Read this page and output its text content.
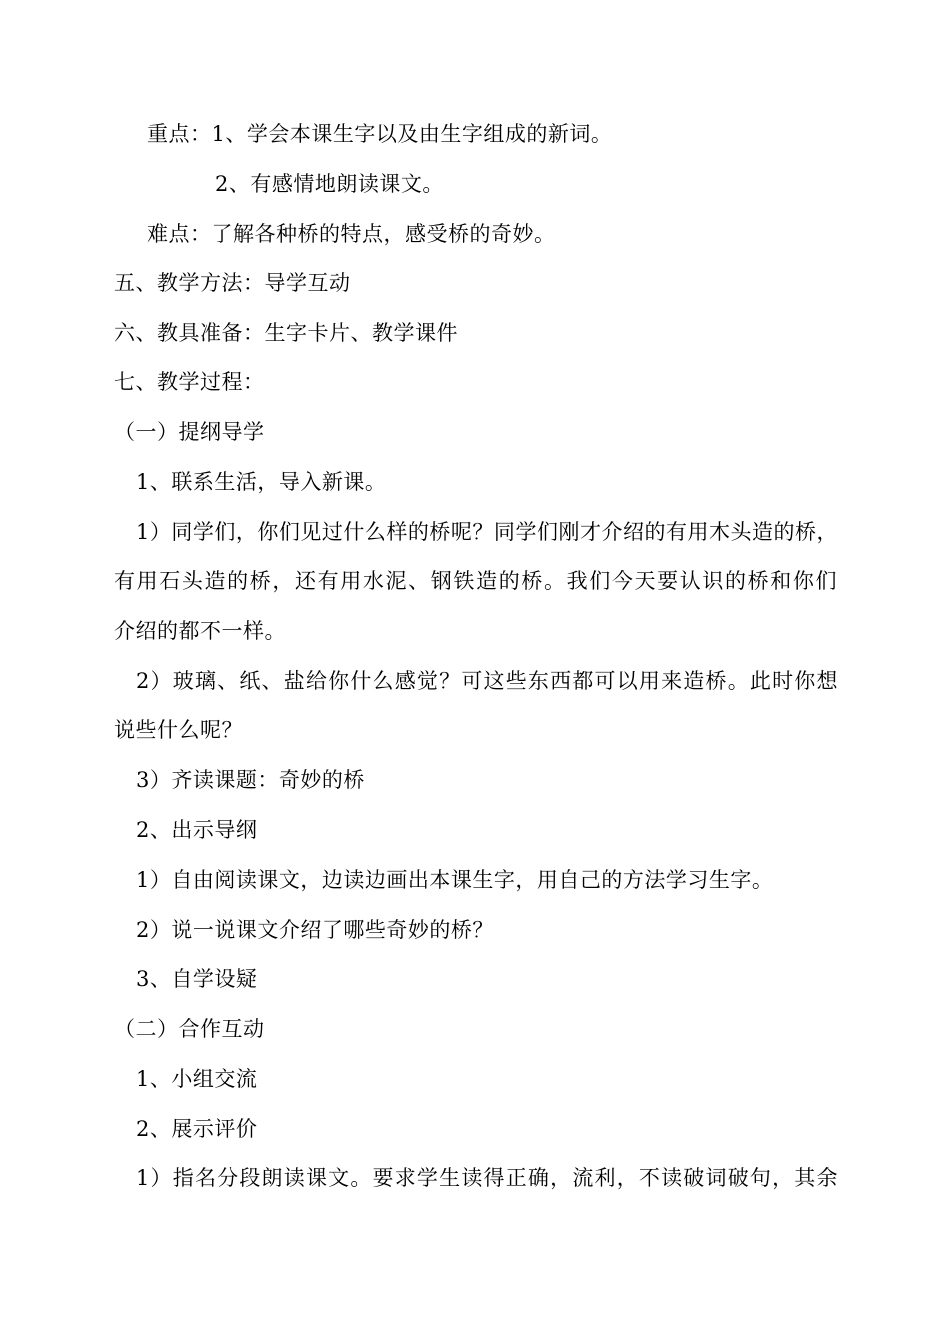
重点：1、学会本课生字以及由生字组成的新词。
2、有感情地朗读课文。
难点：了解各种桥的特点，感受桥的奇妙。
五、教学方法：导学互动
六、教具准备：生字卡片、教学课件
七、教学过程：
（一）提纲导学
1、联系生活，导入新课。
1）同学们，你们见过什么样的桥呢？同学们刚才介绍的有用木头造的桥，
有用石头造的桥，还有用水泥、钢铁造的桥。我们今天要认识的桥和你们
介绍的都不一样。
2）玻璃、纸、盐给你什么感觉？可这些东西都可以用来造桥。此时你想
说些什么呢？
3）齐读课题：奇妙的桥
2、出示导纲
1）自由阅读课文，边读边画出本课生字，用自己的方法学习生字。
2）说一说课文介绍了哪些奇妙的桥？
3、自学设疑
（二）合作互动
1、小组交流
2、展示评价
1）指名分段朗读课文。要求学生读得正确，流利，不读破词破句，其余
